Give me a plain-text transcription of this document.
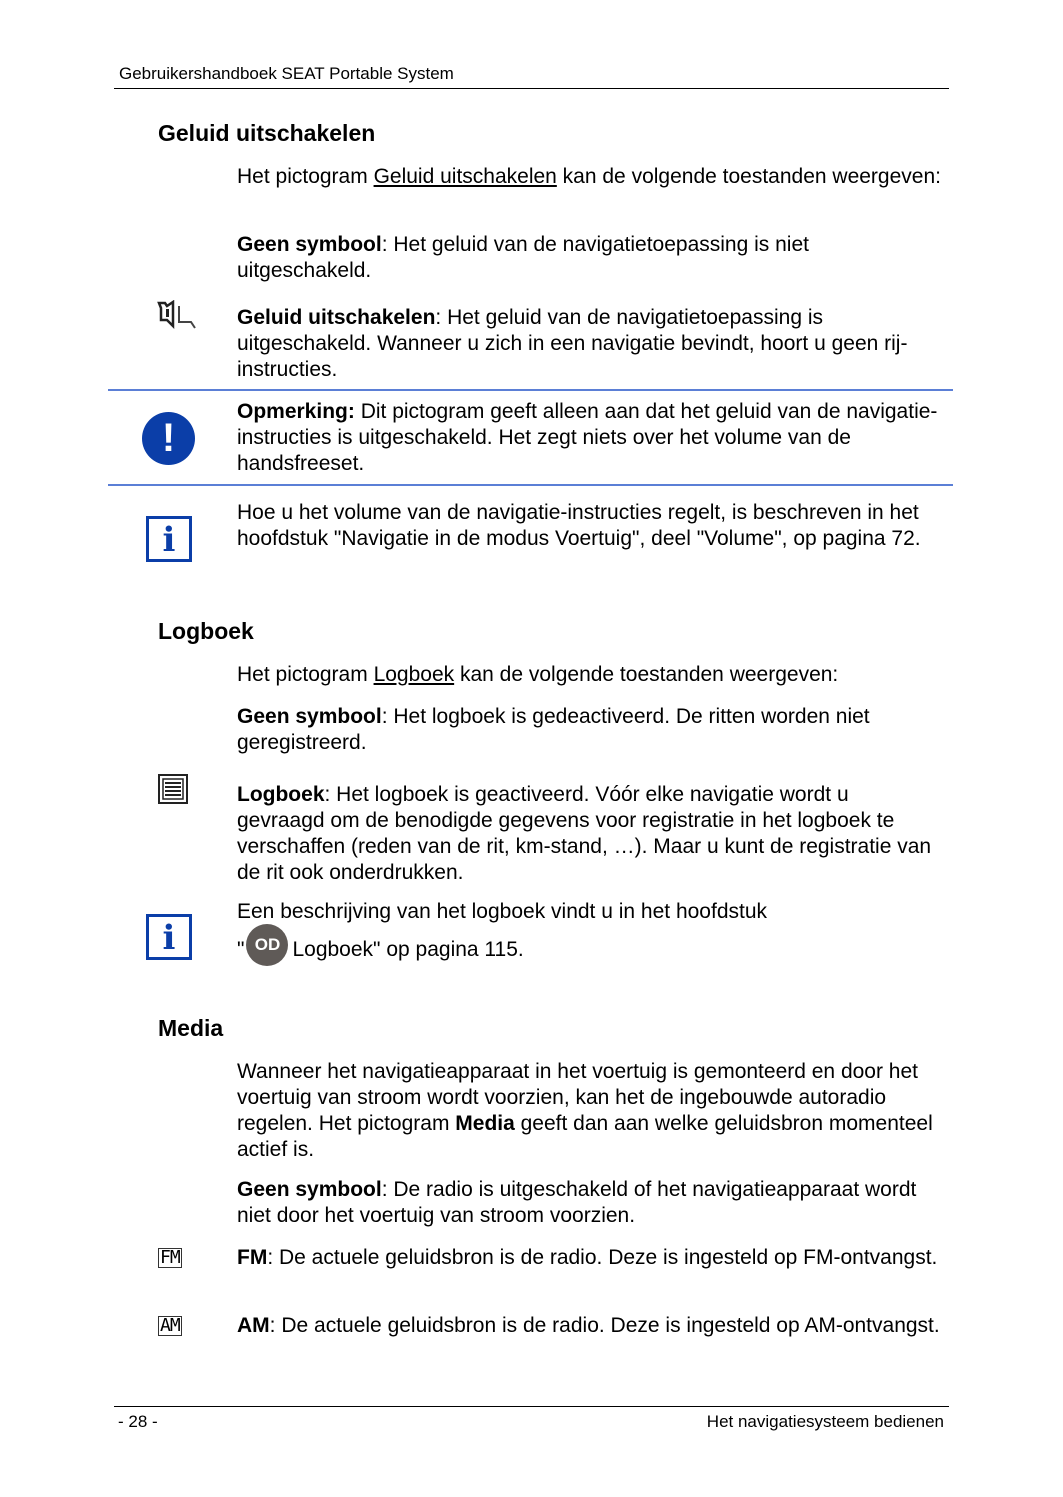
Gebruikershandboek SEAT Portable System
Geluid uitschakelen

Het pictogram Geluid uitschakelen kan de volgende toestanden weergeven:

Geen symbool: Het geluid van de navigatietoepassing is niet uitgeschakeld.

Geluid uitschakelen: Het geluid van de navigatietoepassing is uitgeschakeld. Wanneer u zich in een navigatie bevindt, hoort u geen rij-instructies.

!

Opmerking: Dit pictogram geeft alleen aan dat het geluid van de navigatie-instructies is uitgeschakeld. Het zegt niets over het volume van de handsfreeset.

i

Hoe u het volume van de navigatie-instructies regelt, is beschreven in het hoofdstuk "Navigatie in de modus Voertuig", deel "Volume", op pagina 72.

Logboek

Het pictogram Logboek kan de volgende toestanden weergeven:

Geen symbool: Het logboek is gedeactiveerd. De ritten worden niet geregistreerd.

Logboek: Het logboek is geactiveerd. Vóór elke navigatie wordt u gevraagd om de benodigde gegevens voor registratie in het logboek te verschaffen (reden van de rit, km-stand, …). Maar u kunt de registratie van de rit ook onderdrukken.

i

Een beschrijving van het logboek vindt u in het hoofdstuk
" OD Logboek" op pagina 115.

Media

Wanneer het navigatieapparaat in het voertuig is gemonteerd en door het voertuig van stroom wordt voorzien, kan het de ingebouwde autoradio regelen. Het pictogram Media geeft dan aan welke geluidsbron momenteel actief is.

Geen symbool: De radio is uitgeschakeld of het navigatieapparaat wordt niet door het voertuig van stroom voorzien.

FM	FM: De actuele geluidsbron is de radio. Deze is ingesteld op FM-ontvangst.

AM	AM: De actuele geluidsbron is de radio. Deze is ingesteld op AM-ontvangst.

- 28 -	Het navigatiesysteem bedienen
